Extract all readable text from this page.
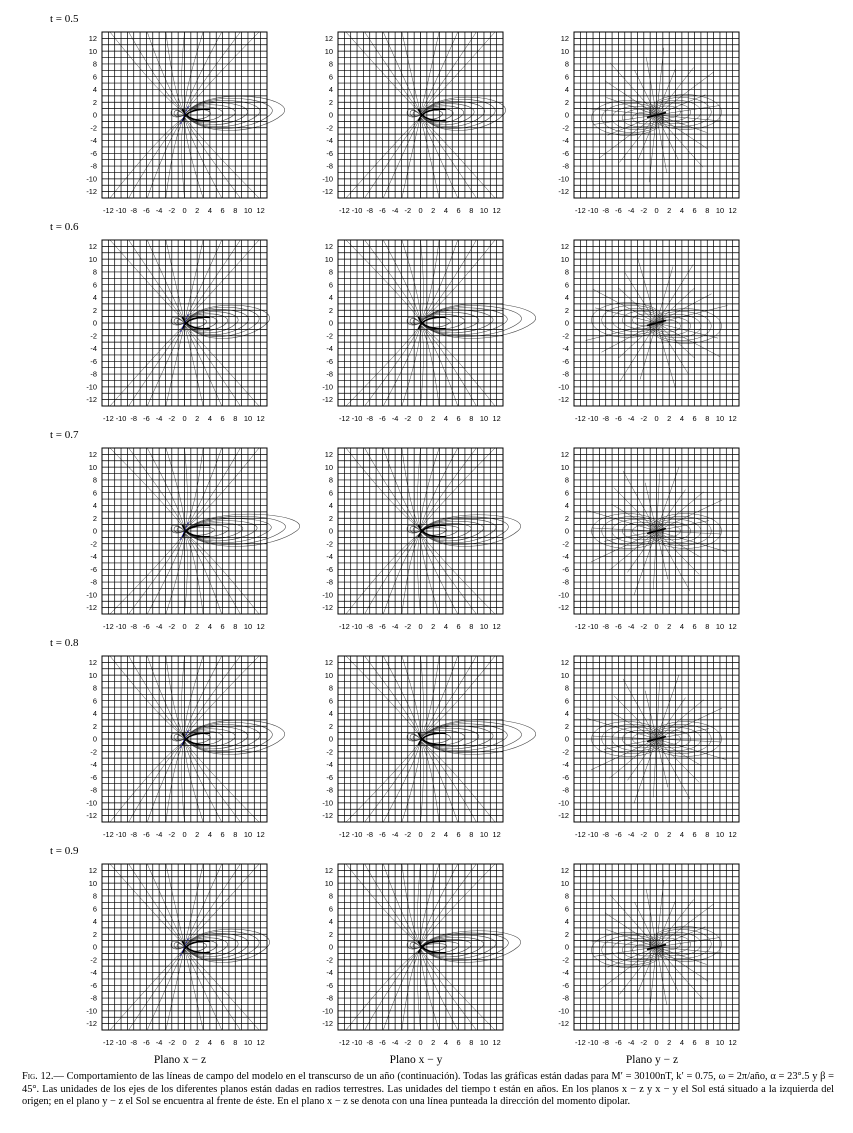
t = 0.5
-12 -10 -8 -6 -4 -2 0 2 4 6 8 10 12
12
10
8
6
4
2
0
-2
-4
-6
-8
-10
-12
-12 -10 -8 -6 -4 -2 0 2 4 6 8 10 12
12
10
8
6
4
2
0
-2
-4
-6
-8
-10
-12
-12 -10 -8 -6 -4 -2 0 2 4 6 8 10 12
12
10
8
6
4
2
0
-2
-4
-6
-8
-10
-12
t = 0.6
-12 -10 -8 -6 -4 -2 0 2 4 6 8 10 12
12
10
8
6
4
2
0
-2
-4
-6
-8
-10
-12
-12 -10 -8 -6 -4 -2 0 2 4 6 8 10 12
12
10
8
6
4
2
0
-2
-4
-6
-8
-10
-12
-12 -10 -8 -6 -4 -2 0 2 4 6 8 10 12
12
10
8
6
4
2
0
-2
-4
-6
-8
-10
-12
t = 0.7
-12 -10 -8 -6 -4 -2 0 2 4 6 8 10 12
12
10
8
6
4
2
0
-2
-4
-6
-8
-10
-12
-12 -10 -8 -6 -4 -2 0 2 4 6 8 10 12
12
10
8
6
4
2
0
-2
-4
-6
-8
-10
-12
-12 -10 -8 -6 -4 -2 0 2 4 6 8 10 12
12
10
8
6
4
2
0
-2
-4
-6
-8
-10
-12
t = 0.8
-12 -10 -8 -6 -4 -2 0 2 4 6 8 10 12
12
10
8
6
4
2
0
-2
-4
-6
-8
-10
-12
-12 -10 -8 -6 -4 -2 0 2 4 6 8 10 12
12
10
8
6
4
2
0
-2
-4
-6
-8
-10
-12
-12 -10 -8 -6 -4 -2 0 2 4 6 8 10 12
12
10
8
6
4
2
0
-2
-4
-6
-8
-10
-12
t = 0.9
-12 -10 -8 -6 -4 -2 0 2 4 6 8 10 12
12
10
8
6
4
2
0
-2
-4
-6
-8
-10
-12
-12 -10 -8 -6 -4 -2 0 2 4 6 8 10 12
12
10
8
6
4
2
0
-2
-4
-6
-8
-10
-12
-12 -10 -8 -6 -4 -2 0 2 4 6 8 10 12
12
10
8
6
4
2
0
-2
-4
-6
-8
-10
-12
Plano x − z	Plano x − y	Plano y − z
Fig. 12.— Comportamiento de las líneas de campo del modelo en el transcurso de un año (continuación). Todas las gráficas están dadas para M′ = 30100nT, k′ = 0.75, ω = 2π/año, α = 23°.5 y β = 45°. Las unidades de los ejes de los diferentes planos están dadas en radios terrestres. Las unidades del tiempo t están en años. En los planos x − z y x − y el Sol está situado a la izquierda del origen; en el plano y − z el Sol se encuentra al frente de éste. En el plano x − z se denota con una línea punteada la dirección del momento dipolar.
